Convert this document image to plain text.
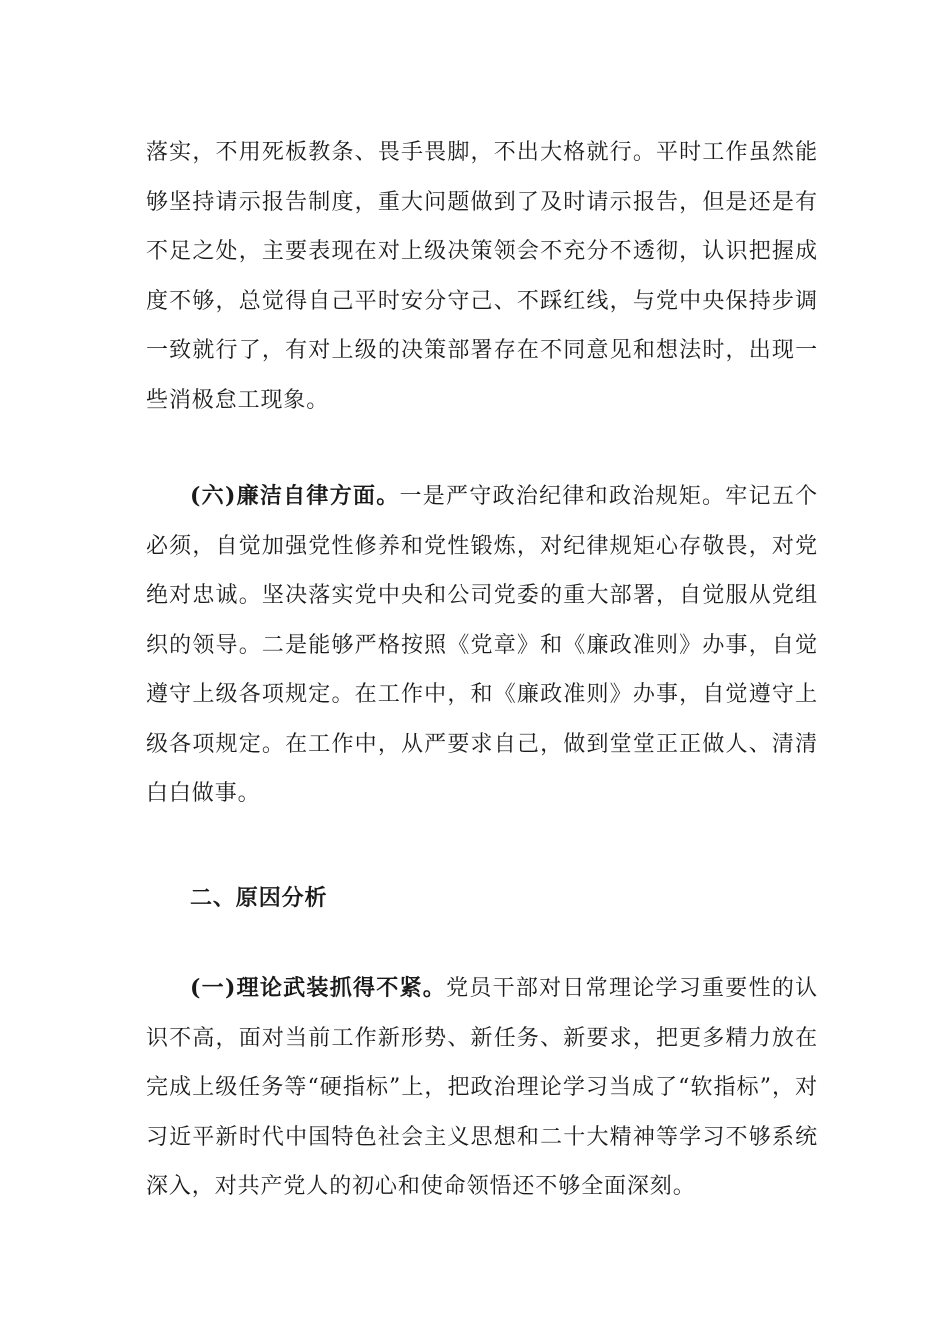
落实，不用死板教条、畏手畏脚，不出大格就行。平时工作虽然能够坚持请示报告制度，重大问题做到了及时请示报告，但是还是有不足之处，主要表现在对上级决策领会不充分不透彻，认识把握成度不够，总觉得自己平时安分守己、不踩红线，与党中央保持步调一致就行了，有对上级的决策部署存在不同意见和想法时，出现一些消极怠工现象。

(六)廉洁自律方面。一是严守政治纪律和政治规矩。牢记五个必须，自觉加强党性修养和党性锻炼，对纪律规矩心存敬畏，对党绝对忠诚。坚决落实党中央和公司党委的重大部署，自觉服从党组织的领导。二是能够严格按照《党章》和《廉政准则》办事，自觉遵守上级各项规定。在工作中，和《廉政准则》办事，自觉遵守上级各项规定。在工作中，从严要求自己，做到堂堂正正做人、清清白白做事。

二、原因分析

(一)理论武装抓得不紧。党员干部对日常理论学习重要性的认识不高，面对当前工作新形势、新任务、新要求，把更多精力放在完成上级任务等“硬指标”上，把政治理论学习当成了“软指标”，对习近平新时代中国特色社会主义思想和二十大精神等学习不够系统深入，对共产党人的初心和使命领悟还不够全面深刻。
